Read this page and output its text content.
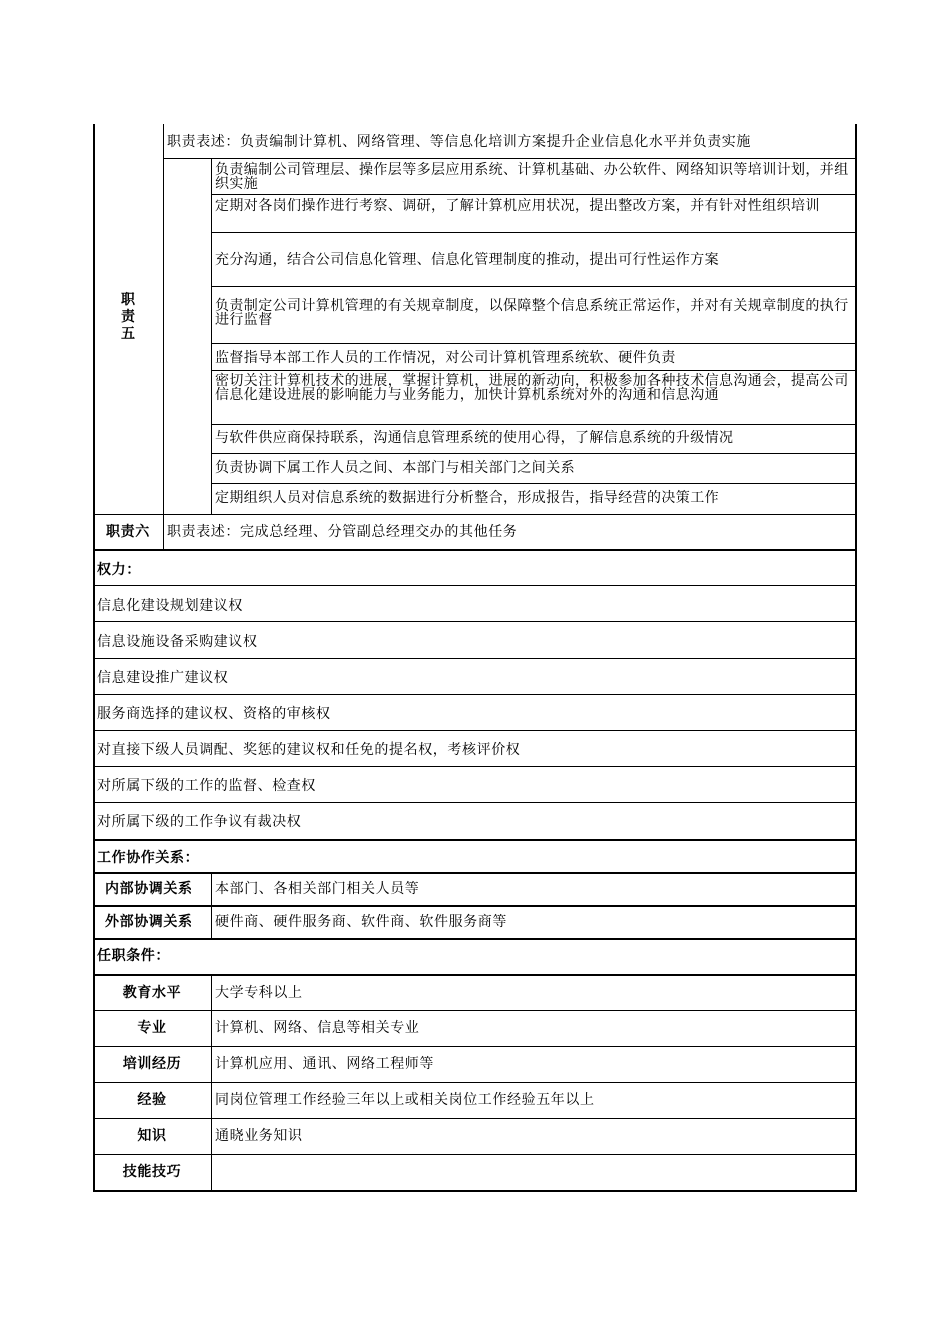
职
责
五
职责表述：负责编制计算机、网络管理、等信息化培训方案提升企业信息化水平并负责实施
负责编制公司管理层、操作层等多层应用系统、计算机基础、办公软件、网络知识等培训计划，并组织实施
定期对各岗们操作进行考察、调研，了解计算机应用状况，提出整改方案，并有针对性组织培训
充分沟通，结合公司信息化管理、信息化管理制度的推动，提出可行性运作方案
负责制定公司计算机管理的有关规章制度，以保障整个信息系统正常运作，并对有关规章制度的执行进行监督
监督指导本部工作人员的工作情况，对公司计算机管理系统软、硬件负责
密切关注计算机技术的进展，掌握计算机，进展的新动向，积极参加各种技术信息沟通会，提高公司信息化建设进展的影响能力与业务能力，加快计算机系统对外的沟通和信息沟通
与软件供应商保持联系，沟通信息管理系统的使用心得，了解信息系统的升级情况
负责协调下属工作人员之间、本部门与相关部门之间关系
定期组织人员对信息系统的数据进行分析整合，形成报告，指导经营的决策工作
职责六 职责表述：完成总经理、分管副总经理交办的其他任务
权力：
信息化建设规划建议权
信息设施设备采购建议权
信息建设推广建议权
服务商选择的建议权、资格的审核权
对直接下级人员调配、奖惩的建议权和任免的提名权，考核评价权
对所属下级的工作的监督、检查权
对所属下级的工作争议有裁决权
工作协作关系：
内部协调关系 本部门、各相关部门相关人员等
外部协调关系 硬件商、硬件服务商、软件商、软件服务商等
任职条件：
教育水平	大学专科以上
专业	计算机、网络、信息等相关专业
培训经历	计算机应用、通讯、网络工程师等
经验	同岗位管理工作经验三年以上或相关岗位工作经验五年以上
知识	通晓业务知识
技能技巧
